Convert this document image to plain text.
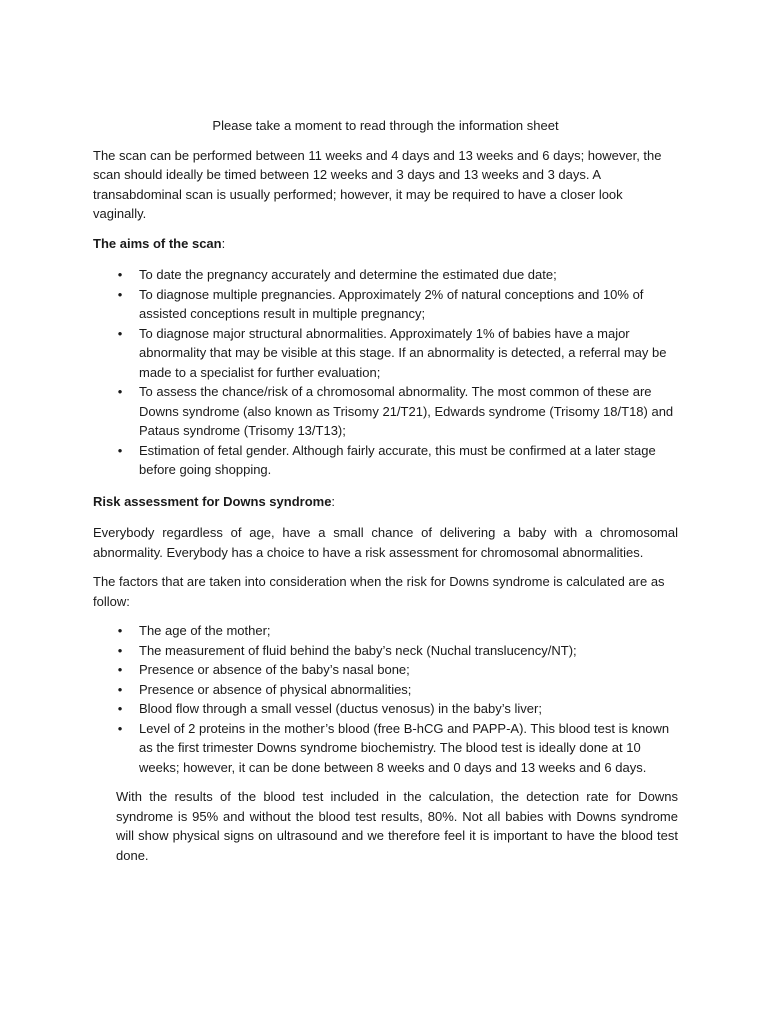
Please take a moment to read through the information sheet

The scan can be performed between 11 weeks and 4 days and 13 weeks and 6 days; however, the scan should ideally be timed between 12 weeks and 3 days and 13 weeks and 3 days. A transabdominal scan is usually performed; however, it may be required to have a closer look vaginally.

The aims of the scan:

• To date the pregnancy accurately and determine the estimated due date;
• To diagnose multiple pregnancies. Approximately 2% of natural conceptions and 10% of assisted conceptions result in multiple pregnancy;
• To diagnose major structural abnormalities. Approximately 1% of babies have a major abnormality that may be visible at this stage. If an abnormality is detected, a referral may be made to a specialist for further evaluation;
• To assess the chance/risk of a chromosomal abnormality. The most common of these are Downs syndrome (also known as Trisomy 21/T21), Edwards syndrome (Trisomy 18/T18) and Pataus syndrome (Trisomy 13/T13);
• Estimation of fetal gender. Although fairly accurate, this must be confirmed at a later stage before going shopping.

Risk assessment for Downs syndrome:

Everybody regardless of age, have a small chance of delivering a baby with a chromosomal abnormality. Everybody has a choice to have a risk assessment for chromosomal abnormalities.

The factors that are taken into consideration when the risk for Downs syndrome is calculated are as follow:

• The age of the mother;
• The measurement of fluid behind the baby’s neck (Nuchal translucency/NT);
• Presence or absence of the baby’s nasal bone;
• Presence or absence of physical abnormalities;
• Blood flow through a small vessel (ductus venosus) in the baby’s liver;
• Level of 2 proteins in the mother’s blood (free B-hCG and PAPP-A). This blood test is known as the first trimester Downs syndrome biochemistry. The blood test is ideally done at 10 weeks; however, it can be done between 8 weeks and 0 days and 13 weeks and 6 days.

With the results of the blood test included in the calculation, the detection rate for Downs syndrome is 95% and without the blood test results, 80%. Not all babies with Downs syndrome will show physical signs on ultrasound and we therefore feel it is important to have the blood test done.
